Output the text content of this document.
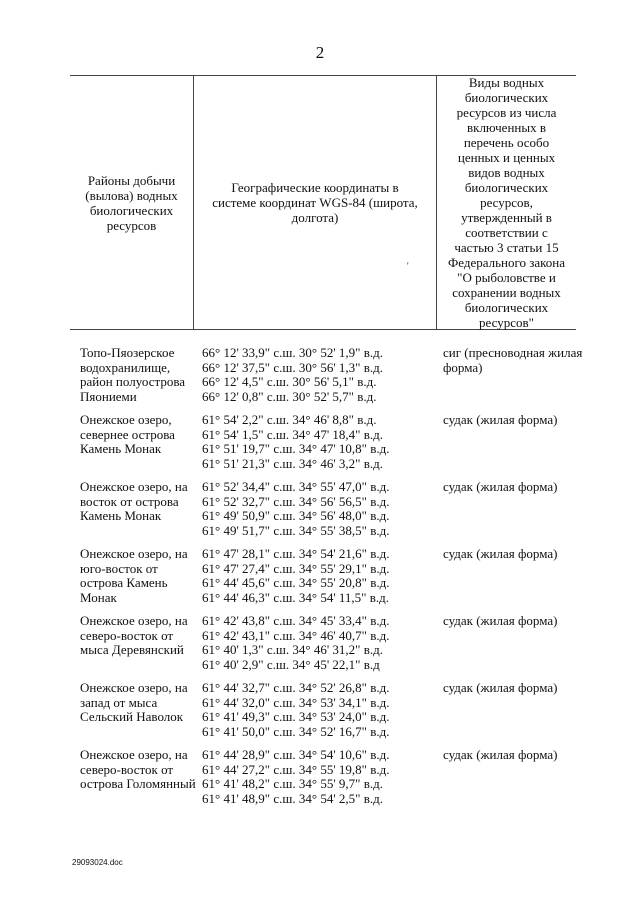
2
Районы добычи (вылова) водных биологических ресурсов
Географические координаты в системе координат WGS-84 (широта, долгота)
Виды водных биологических ресурсов из числа включенных в перечень особо ценных и ценных видов водных биологических ресурсов, утвержденный в соответствии с частью 3 статьи 15 Федерального закона "О рыболовстве и сохранении водных биологических ресурсов"
'
Топо-Пяозерское водохранилище, район полуострова Пяониеми
66° 12' 33,9" с.ш. 30° 52' 1,9" в.д.
66° 12' 37,5" с.ш. 30° 56' 1,3" в.д.
66° 12' 4,5" с.ш. 30° 56' 5,1" в.д.
66° 12' 0,8" с.ш. 30° 52' 5,7" в.д.
сиг (пресноводная жилая форма)
Онежское озеро, севернее острова Камень Монак
61° 54' 2,2" с.ш. 34° 46' 8,8" в.д.
61° 54' 1,5" с.ш. 34° 47' 18,4" в.д.
61° 51' 19,7" с.ш. 34° 47' 10,8" в.д.
61° 51' 21,3" с.ш. 34° 46' 3,2" в.д.
судак (жилая форма)
Онежское озеро, на восток от острова Камень Монак
61° 52' 34,4" с.ш. 34° 55' 47,0" в.д.
61° 52' 32,7" с.ш. 34° 56' 56,5" в.д.
61° 49' 50,9" с.ш. 34° 56' 48,0" в.д.
61° 49' 51,7" с.ш. 34° 55' 38,5" в.д.
судак (жилая форма)
Онежское озеро, на юго-восток от острова Камень Монак
61° 47' 28,1" с.ш. 34° 54' 21,6" в.д.
61° 47' 27,4" с.ш. 34° 55' 29,1" в.д.
61° 44' 45,6" с.ш. 34° 55' 20,8" в.д.
61° 44' 46,3" с.ш. 34° 54' 11,5" в.д.
судак (жилая форма)
Онежское озеро, на северо-восток от мыса Деревянский
61° 42' 43,8" с.ш. 34° 45' 33,4" в.д.
61° 42' 43,1" с.ш. 34° 46' 40,7" в.д.
61° 40' 1,3" с.ш. 34° 46' 31,2" в.д.
61° 40' 2,9" с.ш. 34° 45' 22,1" в.д
судак (жилая форма)
Онежское озеро, на запад от мыса Сельский Наволок
61° 44' 32,7" с.ш. 34° 52' 26,8" в.д.
61° 44' 32,0" с.ш. 34° 53' 34,1" в.д.
61° 41' 49,3" с.ш. 34° 53' 24,0" в.д.
61° 41' 50,0" с.ш. 34° 52' 16,7" в.д.
судак (жилая форма)
Онежское озеро, на северо-восток от острова Голомянный
61° 44' 28,9" с.ш. 34° 54' 10,6" в.д.
61° 44' 27,2" с.ш. 34° 55' 19,8" в.д.
61° 41' 48,2" с.ш. 34° 55' 9,7" в.д.
61° 41' 48,9" с.ш. 34° 54' 2,5" в.д.
судак (жилая форма)
29093024.doc
